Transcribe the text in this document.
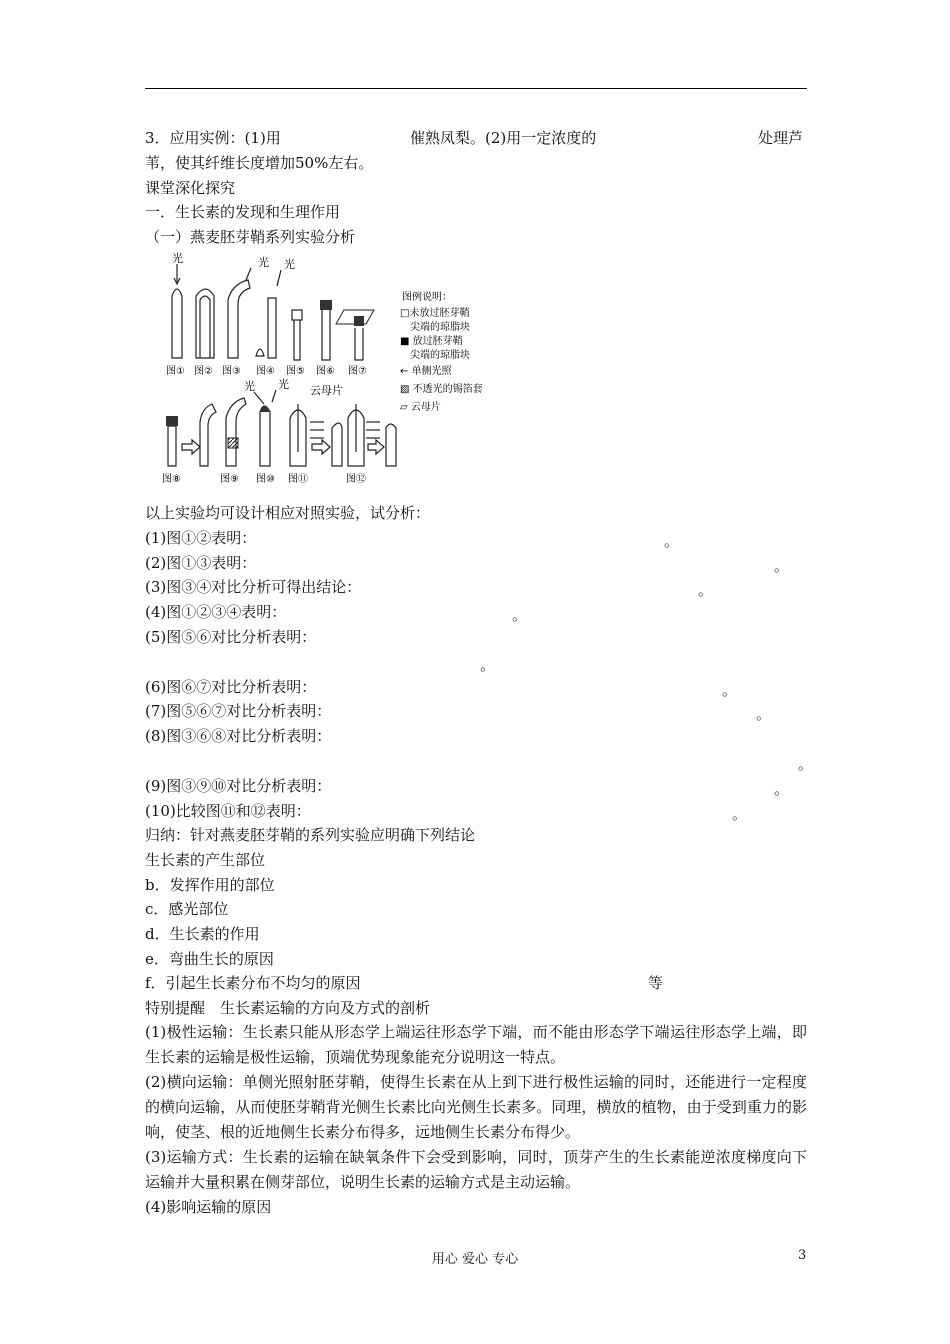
3．应用实例：(1)用	催熟凤梨。(2)用一定浓度的	处理芦
苇，使其纤维长度增加50%左右。
课堂深化探究
一．生长素的发现和生理作用
（一）燕麦胚芽鞘系列实验分析
光	光 光
光 光 云母片
图① 图② 图③ 图④ 图⑤ 图⑥ 图⑦
图⑧	图⑨ 图⑩ 图⑪	图⑫
图例说明：
□未放过胚芽鞘
尖端的琼脂块
■ 放过胚芽鞘
尖端的琼脂块
← 单侧光照
▨ 不透光的锡箔套
▱ 云母片
以上实验均可设计相应对照实验，试分析：
(1)图①②表明：	。
(2)图①③表明：	。
(3)图③④对比分析可得出结论：	。
(4)图①②③④表明：	。
(5)图⑤⑥对比分析表明：
。
(6)图⑥⑦对比分析表明：	。
(7)图⑤⑥⑦对比分析表明：	。
(8)图③⑥⑧对比分析表明：
。
(9)图③⑨⑩对比分析表明：	。
(10)比较图⑪和⑫表明：	。
归纳：针对燕麦胚芽鞘的系列实验应明确下列结论
生长素的产生部位
b．发挥作用的部位
c．感光部位
d．生长素的作用
e．弯曲生长的原因
f．引起生长素分布不均匀的原因	等
特别提醒　生长素运输的方向及方式的剖析
(1)极性运输：生长素只能从形态学上端运往形态学下端，而不能由形态学下端运往形态学上端，即生长素的运输是极性运输，顶端优势现象能充分说明这一特点。
(2)横向运输：单侧光照射胚芽鞘，使得生长素在从上到下进行极性运输的同时，还能进行一定程度的横向运输，从而使胚芽鞘背光侧生长素比向光侧生长素多。同理，横放的植物，由于受到重力的影响，使茎、根的近地侧生长素分布得多，远地侧生长素分布得少。
(3)运输方式：生长素的运输在缺氧条件下会受到影响，同时，顶芽产生的生长素能逆浓度梯度向下运输并大量积累在侧芽部位，说明生长素的运输方式是主动运输。
(4)影响运输的原因
用心 爱心 专心	3
